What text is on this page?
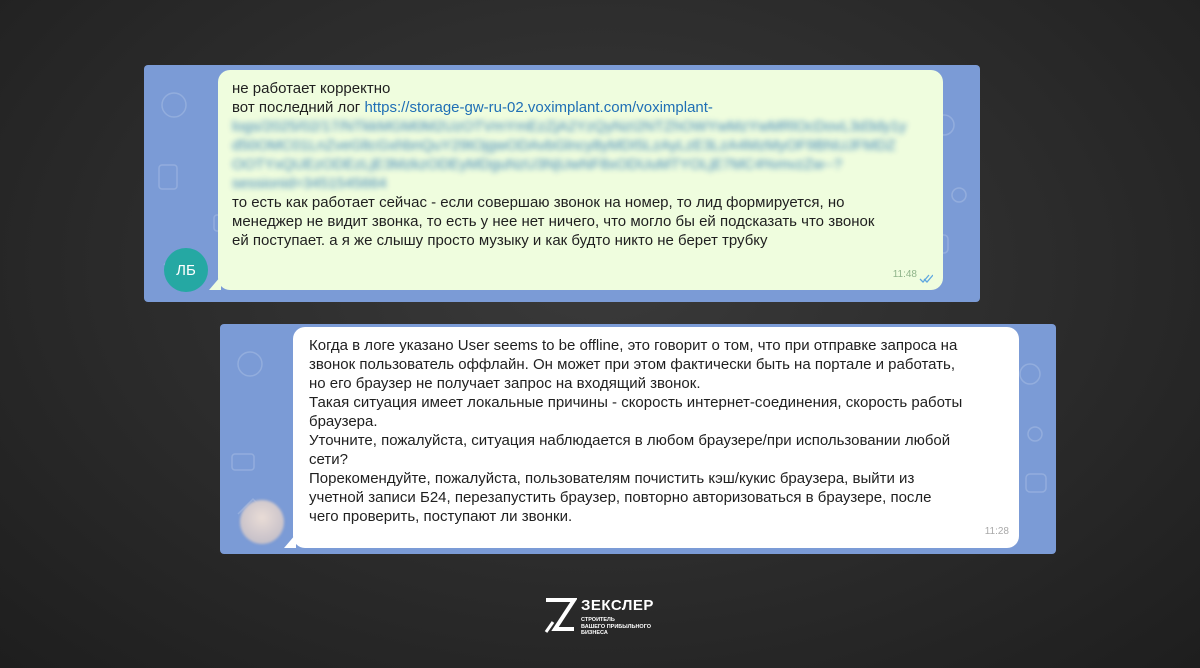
ЛБ
не работает корректно
вот последний лог https://storage-gw-ru-02.voximplant.com/voximplant-
logs/2025/02/17/NTkkMGM0M2UzOTVmYmEzZjA2YzQyNzI2NTZhOWYwMzYwMRlOcDovL3d3dy1y
d50OMC01LnZveGltcGxhbnQuY29tOjgwODAvbGlncy8yMDI5LzAyLzE3LzA4MzMyOF9BNUJFMDZ
OOTYxQUEzODEzLjE3MzkzODEyMDguNzU3NjUwNF8xODUuMTYOLjE7MC4%mvzZw--?
sessionid=3451545664
то есть как работает сейчас - если совершаю звонок на номер, то лид формируется, но
менеджер не видит звонка, то есть у нее нет ничего, что могло бы ей подсказать что звонок
ей поступает. а я же слышу просто музыку и как будто никто не берет трубку
11:48
Когда в логе указано User seems to be offline, это говорит о том, что при отправке запроса на
звонок пользователь оффлайн. Он может при этом фактически быть на портале и работать,
но его браузер не получает запрос на входящий звонок.
Такая ситуация имеет локальные причины - скорость интернет-соединения, скорость работы
браузера.
Уточните, пожалуйста, ситуация наблюдается в любом браузере/при использовании любой
сети?
Порекомендуйте, пожалуйста, пользователям почистить кэш/кукис браузера, выйти из
учетной записи Б24, перезапустить браузер, повторно авторизоваться в браузере, после
чего проверить, поступают ли звонки.
11:28
ЗЕКСЛЕР
СТРОИТЕЛЬ
ВАШЕГО ПРИБЫЛЬНОГО
БИЗНЕСА
